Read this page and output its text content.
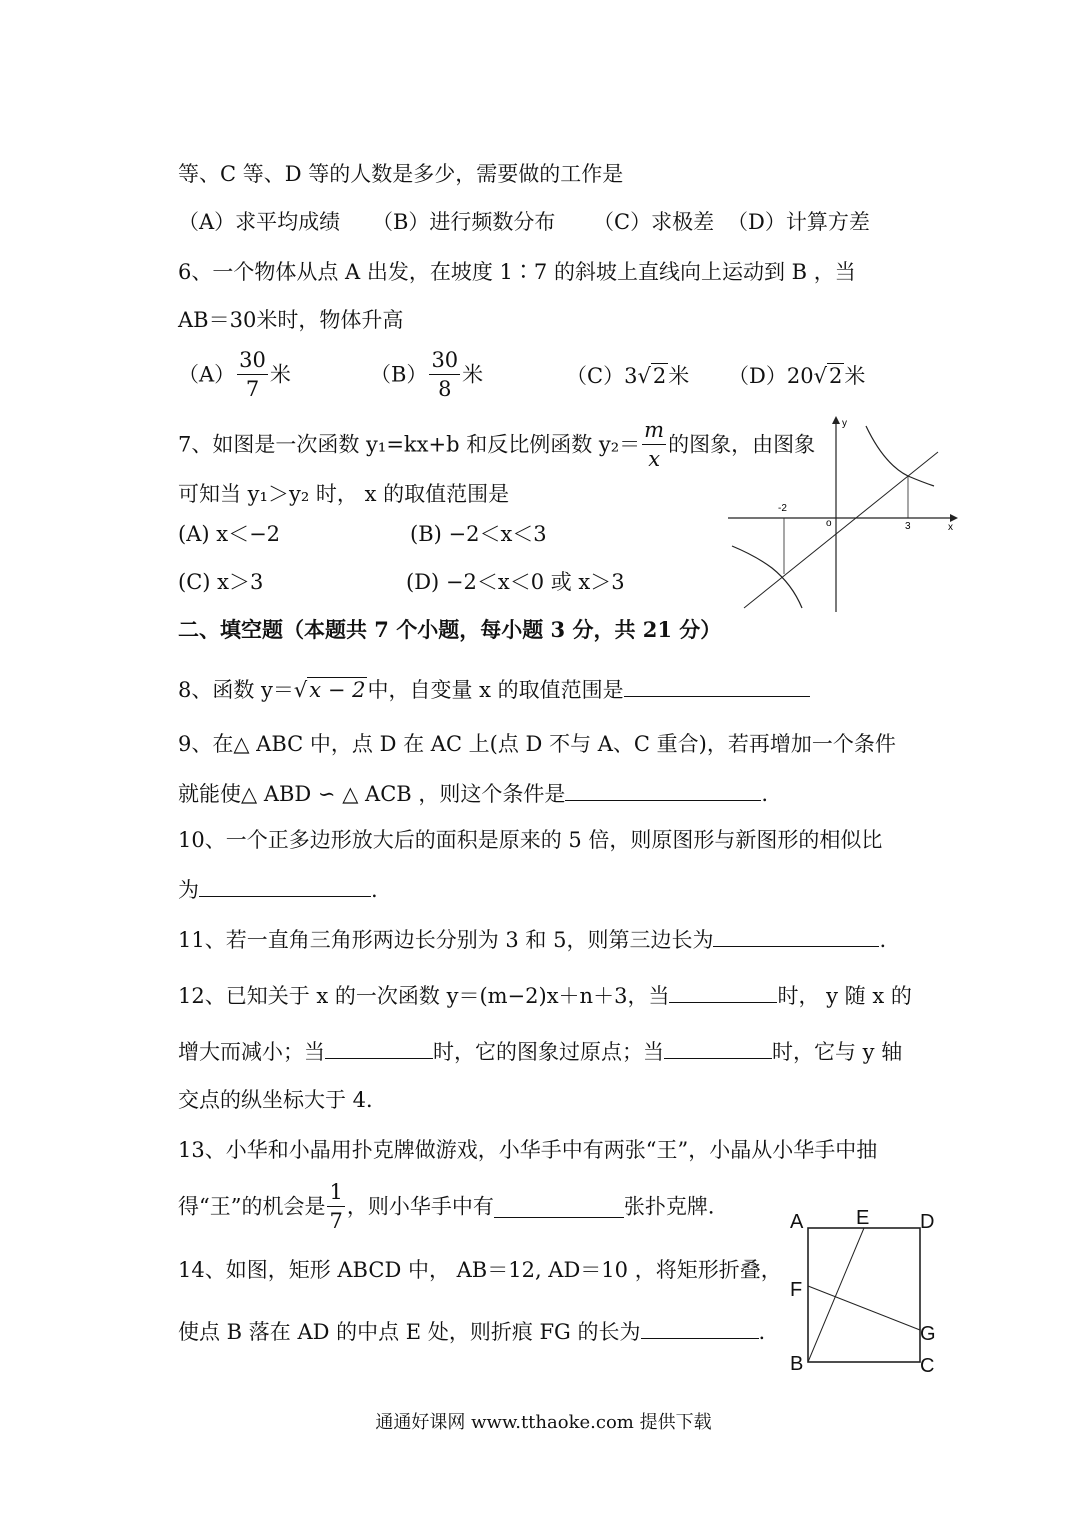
等、C 等、D 等的人数是多少，需要做的工作是
（A）求平均成绩 （B）进行频数分布 （C）求极差 （D）计算方差
6、一个物体从点 A 出发，在坡度 1∶7 的斜坡上直线向上运动到 B ，当
AB＝30米时，物体升高
$(A) \frac{30}{7}$ 米	$(B) \frac{30}{8}$ 米	（C）3√2米 （D）20√2米
7、如图是一次函数 y₁=kx+b 和反比例函数 $y_2= \frac{m}{x}$ 的图象，由图象
可知当 y₁＞y₂ 时， x 的取值范围是
(A) x＜−2	(B) −2＜x＜3
(C) x＞3	(D) −2＜x＜0 或 x＞3
y
x
o
-2
3
二、填空题（本题共 7 个小题，每小题 3 分，共 21 分）
8、函数 y＝√x − 2中，自变量 x 的取值范围是
9、在△ ABC 中，点 D 在 AC 上(点 D 不与 A、C 重合)，若再增加一个条件
就能使△ ABD ∽ △ ACB ，则这个条件是	.
10、一个正多边形放大后的面积是原来的 5 倍，则原图形与新图形的相似比
为	.
11、若一直角三角形两边长分别为 3 和 5，则第三边长为	.
12、已知关于 x 的一次函数 y＝(m−2)x＋n＋3，当	时， y 随 x 的
增大而减小；当	时，它的图象过原点；当	时，它与 y 轴
交点的纵坐标大于 4．
13、小华和小晶用扑克牌做游戏，小华手中有两张“王”，小晶从小华手中抽
得“王”的机会是 $\frac{1}{7}$ ，则小华手中有	张扑克牌．
14、如图，矩形 ABCD 中， AB＝12, AD＝10 ，将矩形折叠，
使点 B 落在 AD 的中点 E 处，则折痕 FG 的长为	.
A	E	D
F
G
B	C
通通好课网 www.tthaoke.com 提供下载
